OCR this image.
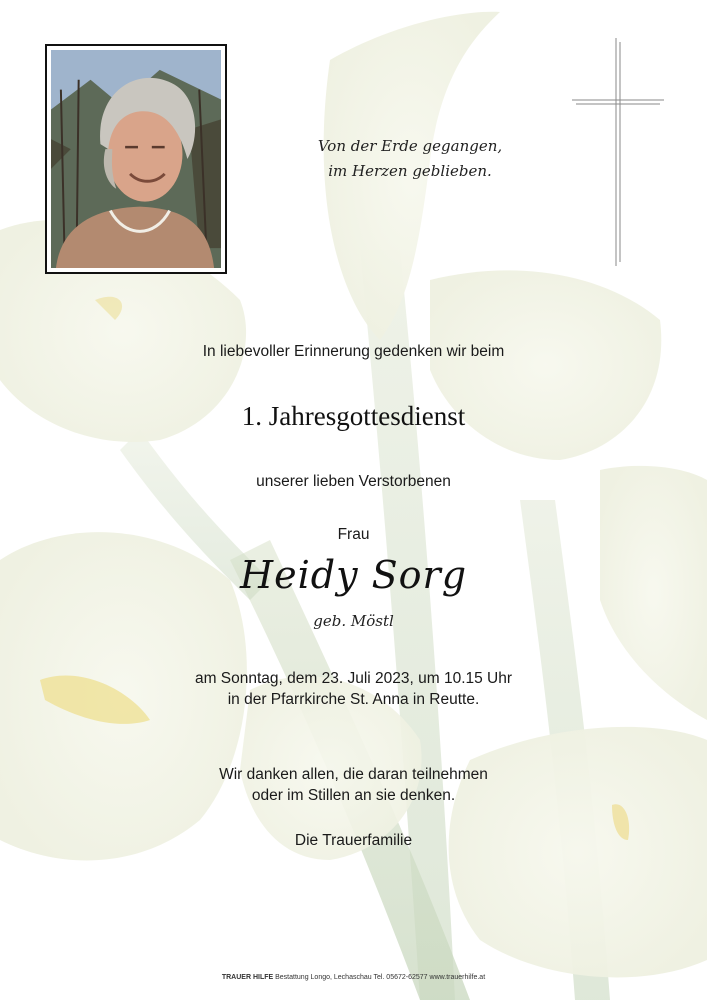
Von der Erde gegangen,
im Herzen geblieben.
In liebevoller Erinnerung gedenken wir beim
1. Jahresgottesdienst
unserer lieben Verstorbenen
Frau
Heidy Sorg
geb. Möstl
am Sonntag, dem 23. Juli 2023, um 10.15 Uhr
in der Pfarrkirche St. Anna in Reutte.
Wir danken allen, die daran teilnehmen
oder im Stillen an sie denken.
Die Trauerfamilie
TRAUER HILFE Bestattung Longo, Lechaschau Tel. 05672-62577 www.trauerhilfe.at
